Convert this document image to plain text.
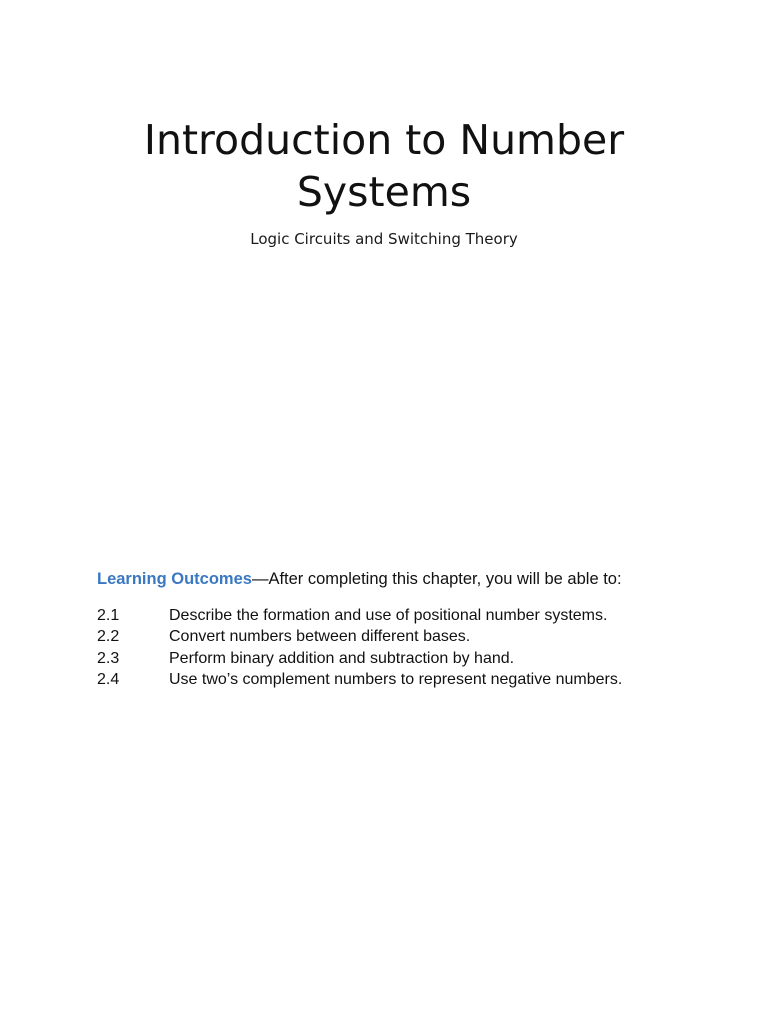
Introduction to Number
Systems
Logic Circuits and Switching Theory
Learning Outcomes—After completing this chapter, you will be able to:
2.1	Describe the formation and use of positional number systems.
2.2	Convert numbers between different bases.
2.3	Perform binary addition and subtraction by hand.
2.4	Use two’s complement numbers to represent negative numbers.
